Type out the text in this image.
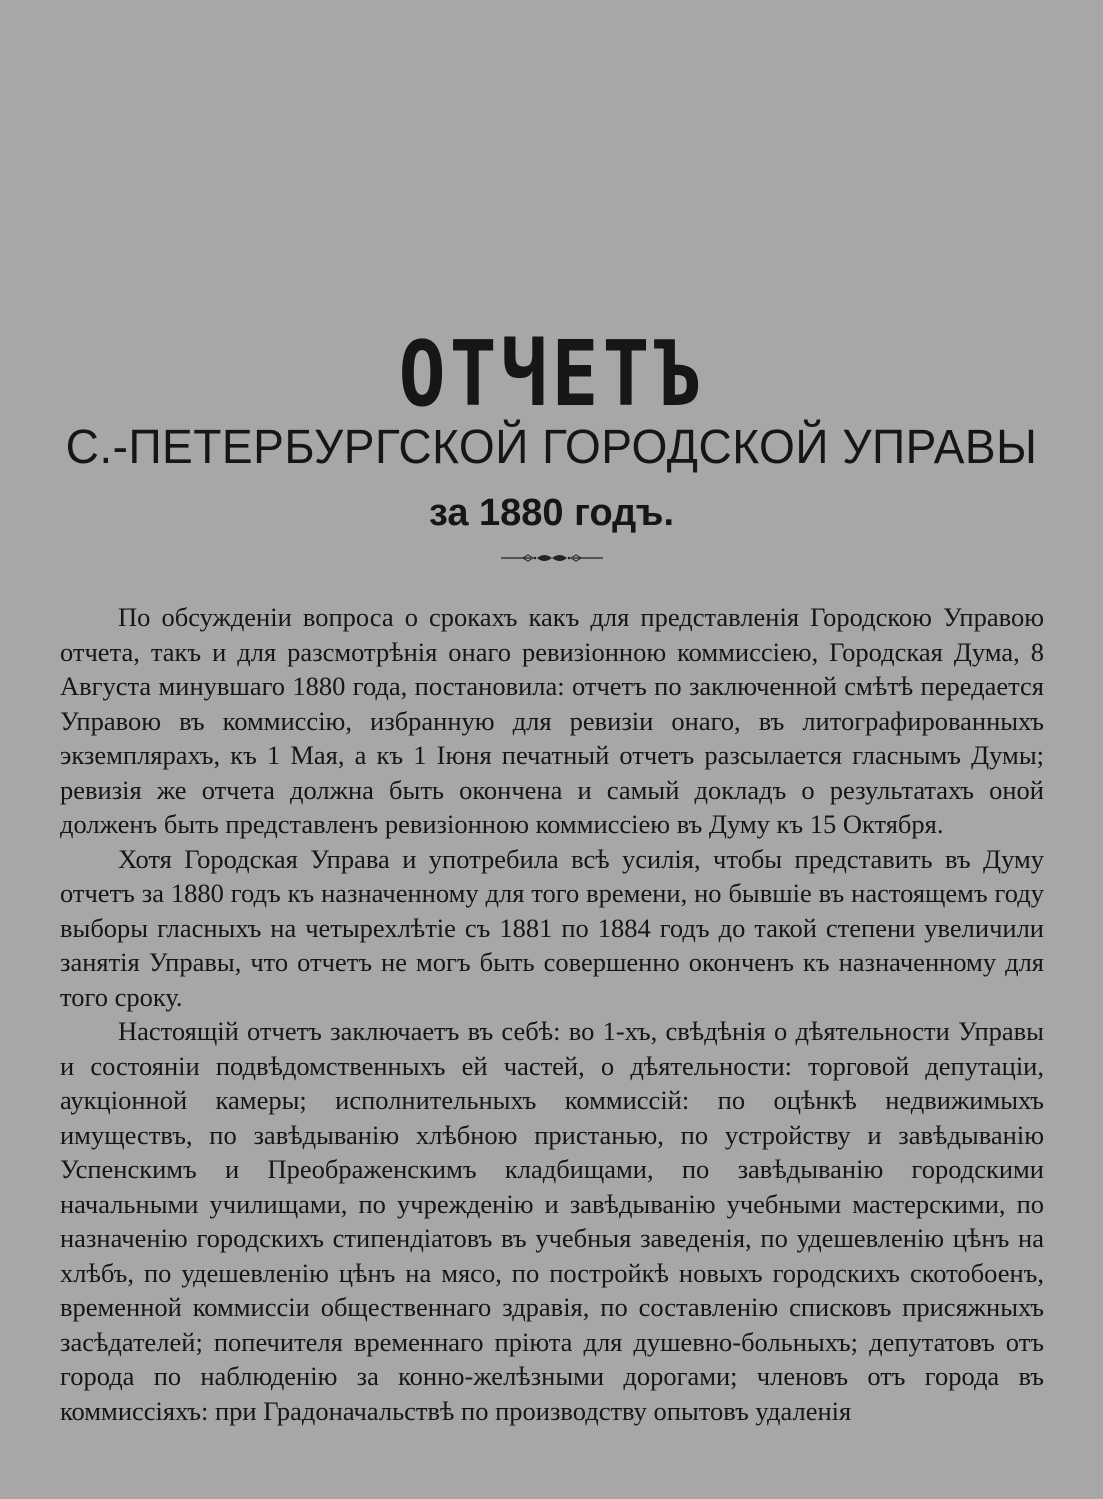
ОТЧЕТЪ
С.-ПЕТЕРБУРГСКОЙ ГОРОДСКОЙ УПРАВЫ
за 1880 годъ.

По обсужденіи вопроса о срокахъ какъ для представленія Городскою Управою отчета, такъ и для разсмотрѣнія онаго ревизіонною коммиссіею, Городская Дума, 8 Августа минувшаго 1880 года, постановила: отчетъ по заключенной смѣтѣ передается Управою въ коммиссію, избранную для ревизіи онаго, въ литографированныхъ экземплярахъ, къ 1 Мая, а къ 1 Іюня печатный отчетъ разсылается гласнымъ Думы; ревизія же отчета должна быть окончена и самый докладъ о результатахъ оной долженъ быть представленъ ревизіонною коммиссіею въ Думу къ 15 Октября.

Хотя Городская Управа и употребила всѣ усилія, чтобы представить въ Думу отчетъ за 1880 годъ къ назначенному для того времени, но бывшіе въ настоящемъ году выборы гласныхъ на четырехлѣтіе съ 1881 по 1884 годъ до такой степени увеличили занятія Управы, что отчетъ не могъ быть совершенно оконченъ къ назначенному для того сроку.

Настоящій отчетъ заключаетъ въ себѣ: во 1-хъ, свѣдѣнія о дѣятельности Управы и состояніи подвѣдомственныхъ ей частей, о дѣятельности: торговой депутаціи, аукціонной камеры; исполнительныхъ коммиссій: по оцѣнкѣ недвижимыхъ имуществъ, по завѣдыванію хлѣбною пристанью, по устройству и завѣдыванію Успенскимъ и Преображенскимъ кладбищами, по завѣдыванію городскими начальными училищами, по учрежденію и завѣдыванію учебными мастерскими, по назначенію городскихъ стипендіатовъ въ учебныя заведенія, по удешевленію цѣнъ на хлѣбъ, по удешевленію цѣнъ на мясо, по постройкѣ новыхъ городскихъ скотобоенъ, временной коммиссіи общественнаго здравія, по составленію списковъ присяжныхъ засѣдателей; попечителя временнаго пріюта для душевно-больныхъ; депутатовъ отъ города по наблюденію за конно-желѣзными дорогами; членовъ отъ города въ коммиссіяхъ: при Градоначальствѣ по производству опытовъ удаленія
